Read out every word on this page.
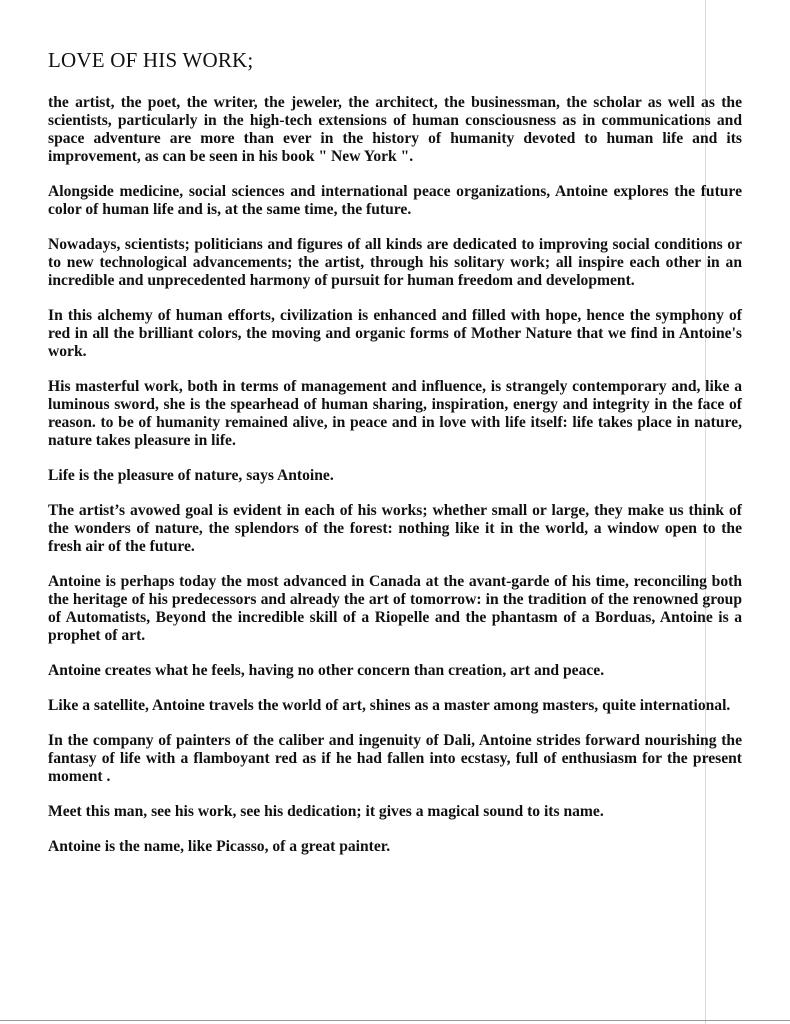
LOVE OF HIS WORK;

the artist, the poet, the writer, the jeweler, the architect, the businessman, the scholar as well as the scientists, particularly in the high-tech extensions of human consciousness as in communications and space adventure are more than ever in the history of humanity devoted to human life and its improvement, as can be seen in his book " New York ".

Alongside medicine, social sciences and international peace organizations, Antoine explores the future color of human life and is, at the same time, the future.

Nowadays, scientists; politicians and figures of all kinds are dedicated to improving social conditions or to new technological advancements; the artist, through his solitary work; all inspire each other in an incredible and unprecedented harmony of pursuit for human freedom and development.

In this alchemy of human efforts, civilization is enhanced and filled with hope, hence the symphony of red in all the brilliant colors, the moving and organic forms of Mother Nature that we find in Antoine's work.

His masterful work, both in terms of management and influence, is strangely contemporary and, like a luminous sword, she is the spearhead of human sharing, inspiration, energy and integrity in the face of reason. to be of humanity remained alive, in peace and in love with life itself: life takes place in nature, nature takes pleasure in life.

Life is the pleasure of nature, says Antoine.

The artist’s avowed goal is evident in each of his works; whether small or large, they make us think of the wonders of nature, the splendors of the forest: nothing like it in the world, a window open to the fresh air of the future.

Antoine is perhaps today the most advanced in Canada at the avant-garde of his time, reconciling both the heritage of his predecessors and already the art of tomorrow: in the tradition of the renowned group of Automatists, Beyond the incredible skill of a Riopelle and the phantasm of a Borduas, Antoine is a prophet of art.

Antoine creates what he feels, having no other concern than creation, art and peace.

Like a satellite, Antoine travels the world of art, shines as a master among masters, quite international.

In the company of painters of the caliber and ingenuity of Dali, Antoine strides forward nourishing the fantasy of life with a flamboyant red as if he had fallen into ecstasy, full of enthusiasm for the present moment .

Meet this man, see his work, see his dedication; it gives a magical sound to its name.

Antoine is the name, like Picasso, of a great painter.
